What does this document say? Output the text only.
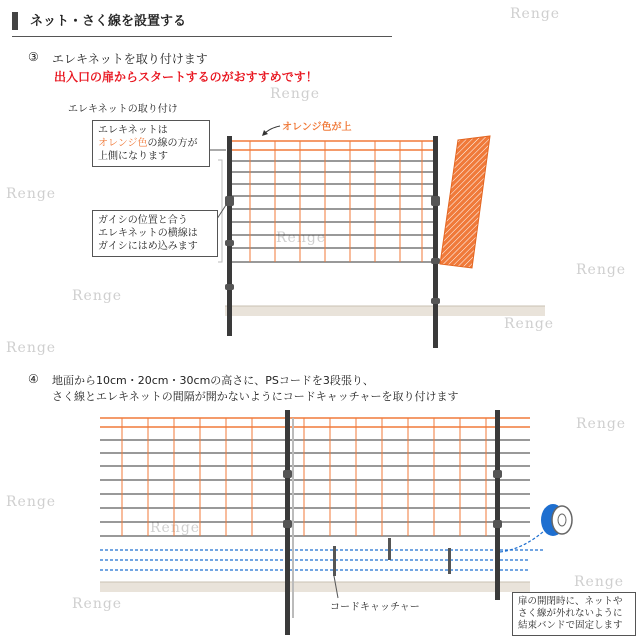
ネット・さく線を設置する	Renge
Renge
Renge
Renge
Renge
Renge
Renge
Renge
Renge
Renge
Renge
Renge
Renge
③ エレキネットを取り付けます
出入口の扉からスタートするのがおすすめです！
エレキネットの取り付け
オレンジ色が上
エレキネットは
オレンジ色の線の方が
上側になります
ガイシの位置と合う
エレキネットの横線は
ガイシにはめ込みます
④ 地面から10cm・20cm・30cmの高さに、PSコードを3段張り、
さく線とエレキネットの間隔が開かないようにコードキャッチャーを取り付けます
コードキャッチャー
扉の開閉時に、ネットや
さく線が外れないように
結束バンドで固定します
